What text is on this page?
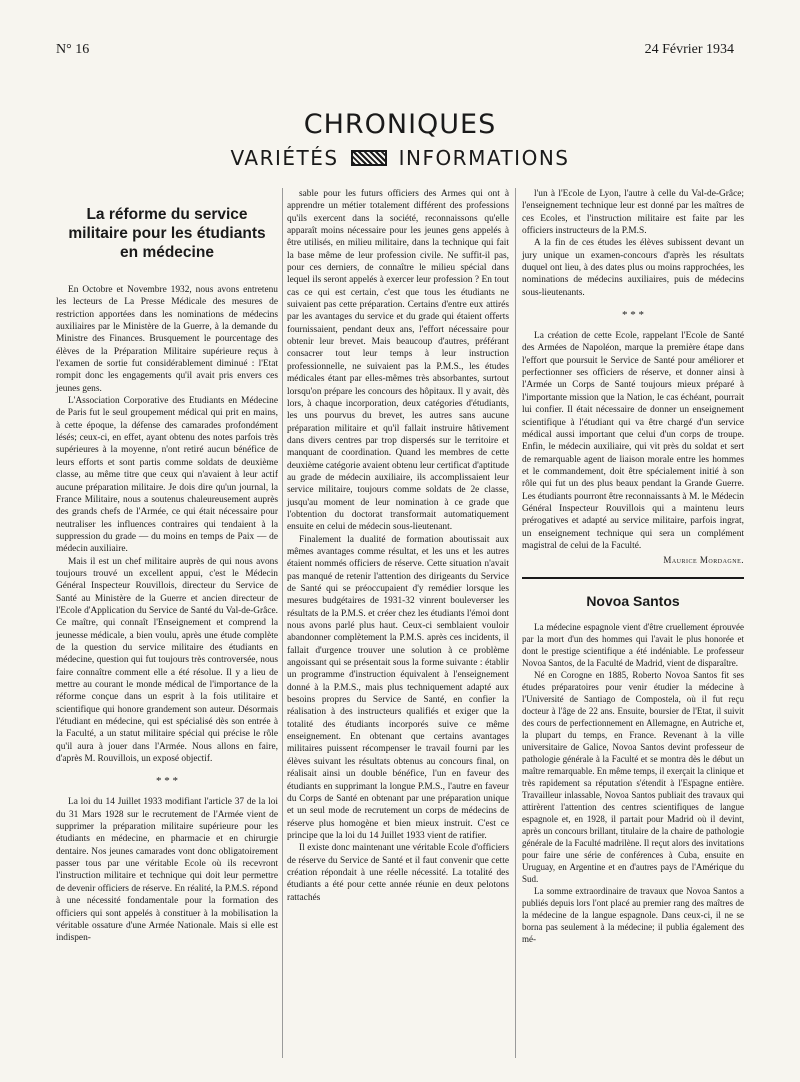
N° 16	24 Février 1934
CHRONIQUES
VARIÉTÉS	INFORMATIONS
La réforme du service militaire pour les étudiants en médecine

En Octobre et Novembre 1932, nous avons entretenu les lecteurs de La Presse Médicale des mesures de restriction apportées dans les nominations de médecins auxiliaires par le Ministère de la Guerre, à la demande du Ministre des Finances. Brusquement le pourcentage des élèves de la Préparation Militaire supérieure reçus à l'examen de sortie fut considérablement diminué : l'Etat rompit donc les engagements qu'il avait pris envers ces jeunes gens.

L'Association Corporative des Etudiants en Médecine de Paris fut le seul groupement médical qui prit en mains, à cette époque, la défense des camarades profondément lésés; ceux-ci, en effet, ayant obtenu des notes parfois très supérieures à la moyenne, n'ont retiré aucun bénéfice de leurs efforts et sont partis comme soldats de deuxième classe, au même titre que ceux qui n'avaient à leur actif aucune préparation militaire. Je dois dire qu'un journal, la France Militaire, nous a soutenus chaleureusement auprès des grands chefs de l'Armée, ce qui était nécessaire pour neutraliser les influences contraires qui tendaient à la suppression du grade — du moins en temps de Paix — de médecin auxiliaire.

Mais il est un chef militaire auprès de qui nous avons toujours trouvé un excellent appui, c'est le Médecin Général Inspecteur Rouvillois, directeur du Service de Santé au Ministère de la Guerre et ancien directeur de l'Ecole d'Application du Service de Santé du Val-de-Grâce. Ce maître, qui connaît l'Enseignement et comprend la jeunesse médicale, a bien voulu, après une étude complète de la question du service militaire des étudiants en médecine, question qui fut toujours très controversée, nous faire connaître comment elle a été résolue. Il y a lieu de mettre au courant le monde médical de l'importance de la réforme conçue dans un esprit à la fois utilitaire et scientifique qui honore grandement son auteur. Désormais l'étudiant en médecine, qui est spécialisé dès son entrée à la Faculté, a un statut militaire spécial qui précise le rôle qu'il aura à jouer dans l'Armée. Nous allons en faire, d'après M. Rouvillois, un exposé objectif.

* * *

La loi du 14 Juillet 1933 modifiant l'article 37 de la loi du 31 Mars 1928 sur le recrutement de l'Armée vient de supprimer la préparation militaire supérieure pour les étudiants en médecine, en pharmacie et en chirurgie dentaire. Nos jeunes camarades vont donc obligatoirement passer tous par une véritable Ecole où ils recevront l'instruction militaire et technique qui doit leur permettre de devenir officiers de réserve. En réalité, la P.M.S. répond à une nécessité fondamentale pour la formation des officiers qui sont appelés à constituer à la mobilisation la véritable ossature d'une Armée Nationale. Mais si elle est indispen-

sable pour les futurs officiers des Armes qui ont à apprendre un métier totalement différent des professions qu'ils exercent dans la société, reconnaissons qu'elle apparaît moins nécessaire pour les jeunes gens appelés à être utilisés, en milieu militaire, dans la technique qui fait la base même de leur profession civile. Ne suffit-il pas, pour ces derniers, de connaître le milieu spécial dans lequel ils seront appelés à exercer leur profession ? En tout cas ce qui est certain, c'est que tous les étudiants ne suivaient pas cette préparation. Certains d'entre eux attirés par les avantages du service et du grade qui étaient offerts fournissaient, pendant deux ans, l'effort nécessaire pour obtenir leur brevet. Mais beaucoup d'autres, préférant consacrer tout leur temps à leur instruction professionnelle, ne suivaient pas la P.M.S., les études médicales étant par elles-mêmes très absorbantes, surtout lorsqu'on prépare les concours des hôpitaux. Il y avait, dès lors, à chaque incorporation, deux catégories d'étudiants, les uns pourvus du brevet, les autres sans aucune préparation militaire et qu'il fallait instruire hâtivement dans divers centres par trop dispersés sur le territoire et manquant de coordination. Quand les membres de cette deuxième catégorie avaient obtenu leur certificat d'aptitude au grade de médecin auxiliaire, ils accomplissaient leur service militaire, toujours comme soldats de 2e classe, jusqu'au moment de leur nomination à ce grade que l'obtention du doctorat transformait automatiquement ensuite en celui de médecin sous-lieutenant.

Finalement la dualité de formation aboutissait aux mêmes avantages comme résultat, et les uns et les autres étaient nommés officiers de réserve. Cette situation n'avait pas manqué de retenir l'attention des dirigeants du Service de Santé qui se préoccupaient d'y remédier lorsque les mesures budgétaires de 1931-32 vinrent bouleverser les résultats de la P.M.S. et créer chez les étudiants l'émoi dont nous avons parlé plus haut. Ceux-ci semblaient vouloir abandonner complètement la P.M.S. après ces incidents, il fallait d'urgence trouver une solution à ce problème angoissant qui se présentait sous la forme suivante : établir un programme d'instruction équivalent à l'enseignement donné à la P.M.S., mais plus techniquement adapté aux besoins propres du Service de Santé, en confier la réalisation à des instructeurs qualifiés et exiger que la totalité des étudiants incorporés suive ce même enseignement. En obtenant que certains avantages militaires puissent récompenser le travail fourni par les élèves suivant les résultats obtenus au concours final, on réalisait ainsi un double bénéfice, l'un en faveur des étudiants en supprimant la longue P.M.S., l'autre en faveur du Corps de Santé en obtenant par une préparation unique et un seul mode de recrutement un corps de médecins de réserve plus homogène et bien mieux instruit. C'est ce principe que la loi du 14 Juillet 1933 vient de ratifier.

Il existe donc maintenant une véritable Ecole d'officiers de réserve du Service de Santé et il faut convenir que cette création répondait à une réelle nécessité. La totalité des étudiants a été pour cette année réunie en deux pelotons rattachés

l'un à l'Ecole de Lyon, l'autre à celle du Val-de-Grâce; l'enseignement technique leur est donné par les maîtres de ces Ecoles, et l'instruction militaire est faite par les officiers instructeurs de la P.M.S.

A la fin de ces études les élèves subissent devant un jury unique un examen-concours d'après les résultats duquel ont lieu, à des dates plus ou moins rapprochées, les nominations de médecins auxiliaires, puis de médecins sous-lieutenants.

* * *

La création de cette Ecole, rappelant l'Ecole de Santé des Armées de Napoléon, marque la première étape dans l'effort que poursuit le Service de Santé pour améliorer et perfectionner ses officiers de réserve, et donner ainsi à l'Armée un Corps de Santé toujours mieux préparé à l'importante mission que la Nation, le cas échéant, pourrait lui confier. Il était nécessaire de donner un enseignement scientifique à l'étudiant qui va être chargé d'un service médical aussi important que celui d'un corps de troupe. Enfin, le médecin auxiliaire, qui vit près du soldat et sert de remarquable agent de liaison morale entre les hommes et le commandement, doit être spécialement initié à son rôle qui fut un des plus beaux pendant la Grande Guerre. Les étudiants pourront être reconnaissants à M. le Médecin Général Inspecteur Rouvillois qui a maintenu leurs prérogatives et adapté au service militaire, parfois ingrat, un enseignement technique qui sera un complément magistral de celui de la Faculté.

Maurice Mordagne.
Novoa Santos

La médecine espagnole vient d'être cruellement éprouvée par la mort d'un des hommes qui l'avait le plus honorée et dont le prestige scientifique a été indéniable. Le professeur Novoa Santos, de la Faculté de Madrid, vient de disparaître.

Né en Corogne en 1885, Roberto Novoa Santos fit ses études préparatoires pour venir étudier la médecine à l'Université de Santiago de Compostela, où il fut reçu docteur à l'âge de 22 ans. Ensuite, boursier de l'Etat, il suivit des cours de perfectionnement en Allemagne, en Autriche et, la plupart du temps, en France. Revenant à la ville universitaire de Galice, Novoa Santos devint professeur de pathologie générale à la Faculté et se montra dès le début un maître remarquable. En même temps, il exerçait la clinique et très rapidement sa réputation s'étendit à l'Espagne entière. Travailleur inlassable, Novoa Santos publiait des travaux qui attirèrent l'attention des centres scientifiques de langue espagnole et, en 1928, il partait pour Madrid où il devint, après un concours brillant, titulaire de la chaire de pathologie générale de la Faculté madrilène. Il reçut alors des invitations pour faire une série de conférences à Cuba, ensuite en Uruguay, en Argentine et en d'autres pays de l'Amérique du Sud.

La somme extraordinaire de travaux que Novoa Santos a publiés depuis lors l'ont placé au premier rang des maîtres de la médecine de la langue espagnole. Dans ceux-ci, il ne se borna pas seulement à la médecine; il publia également des mé-
